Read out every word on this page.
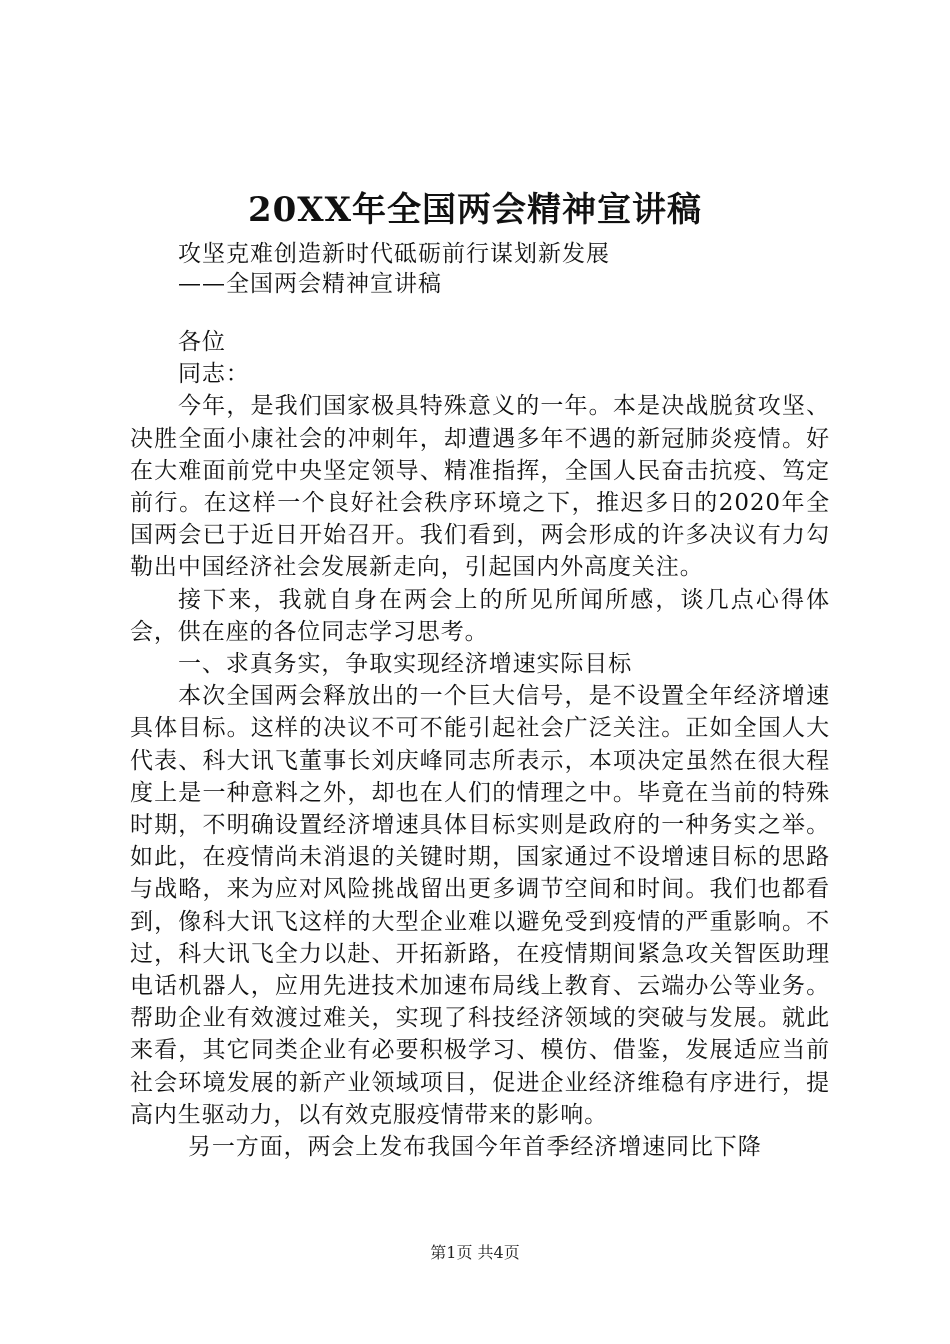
20XX年全国两会精神宣讲稿
攻坚克难创造新时代砥砺前行谋划新发展
——全国两会精神宣讲稿

各位

同志：

今年，是我们国家极具特殊意义的一年。本是决战脱贫攻坚、决胜全面小康社会的冲刺年，却遭遇多年不遇的新冠肺炎疫情。好在大难面前党中央坚定领导、精准指挥，全国人民奋击抗疫、笃定前行。在这样一个良好社会秩序环境之下，推迟多日的2020年全国两会已于近日开始召开。我们看到，两会形成的许多决议有力勾勒出中国经济社会发展新走向，引起国内外高度关注。

接下来，我就自身在两会上的所见所闻所感，谈几点心得体会，供在座的各位同志学习思考。

一、求真务实，争取实现经济增速实际目标

本次全国两会释放出的一个巨大信号，是不设置全年经济增速具体目标。这样的决议不可不能引起社会广泛关注。正如全国人大代表、科大讯飞董事长刘庆峰同志所表示，本项决定虽然在很大程度上是一种意料之外，却也在人们的情理之中。毕竟在当前的特殊时期，不明确设置经济增速具体目标实则是政府的一种务实之举。如此，在疫情尚未消退的关键时期，国家通过不设增速目标的思路与战略，来为应对风险挑战留出更多调节空间和时间。我们也都看到，像科大讯飞这样的大型企业难以避免受到疫情的严重影响。不过，科大讯飞全力以赴、开拓新路，在疫情期间紧急攻关智医助理电话机器人，应用先进技术加速布局线上教育、云端办公等业务。帮助企业有效渡过难关，实现了科技经济领域的突破与发展。就此来看，其它同类企业有必要积极学习、模仿、借鉴，发展适应当前社会环境发展的新产业领域项目，促进企业经济维稳有序进行，提高内生驱动力，以有效克服疫情带来的影响。

另一方面，两会上发布我国今年首季经济增速同比下降

第1页 共4页
